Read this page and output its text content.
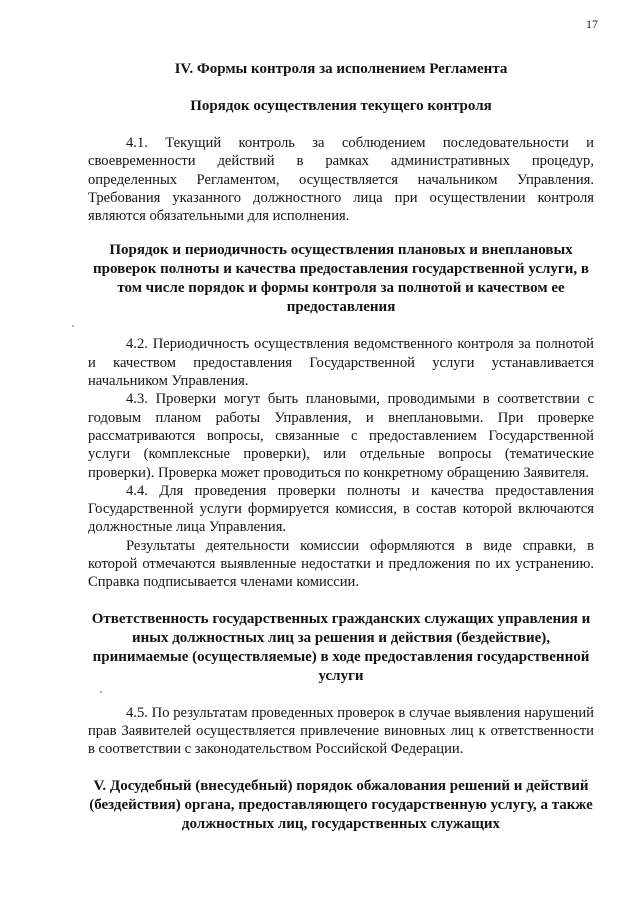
17

IV. Формы контроля за исполнением Регламента

Порядок осуществления текущего контроля

4.1. Текущий контроль за соблюдением последовательности и своевременности действий в рамках административных процедур, определенных Регламентом, осуществляется начальником Управления. Требования указанного должностного лица при осуществлении контроля являются обязательными для исполнения.

Порядок и периодичность осуществления плановых и внеплановых проверок полноты и качества предоставления государственной услуги, в том числе порядок и формы контроля за полнотой и качеством ее предоставления

4.2. Периодичность осуществления ведомственного контроля за полнотой и качеством предоставления Государственной услуги устанавливается начальником Управления.

4.3. Проверки могут быть плановыми, проводимыми в соответствии с годовым планом работы Управления, и внеплановыми. При проверке рассматриваются вопросы, связанные с предоставлением Государственной услуги (комплексные проверки), или отдельные вопросы (тематические проверки). Проверка может проводиться по конкретному обращению Заявителя.

4.4. Для проведения проверки полноты и качества предоставления Государственной услуги формируется комиссия, в состав которой включаются должностные лица Управления.

Результаты деятельности комиссии оформляются в виде справки, в которой отмечаются выявленные недостатки и предложения по их устранению. Справка подписывается членами комиссии.

Ответственность государственных гражданских служащих управления и иных должностных лиц за решения и действия (бездействие), принимаемые (осуществляемые) в ходе предоставления государственной услуги

4.5. По результатам проведенных проверок в случае выявления нарушений прав Заявителей осуществляется привлечение виновных лиц к ответственности в соответствии с законодательством Российской Федерации.

V. Досудебный (внесудебный) порядок обжалования решений и действий (бездействия) органа, предоставляющего государственную услугу, а также должностных лиц, государственных служащих
